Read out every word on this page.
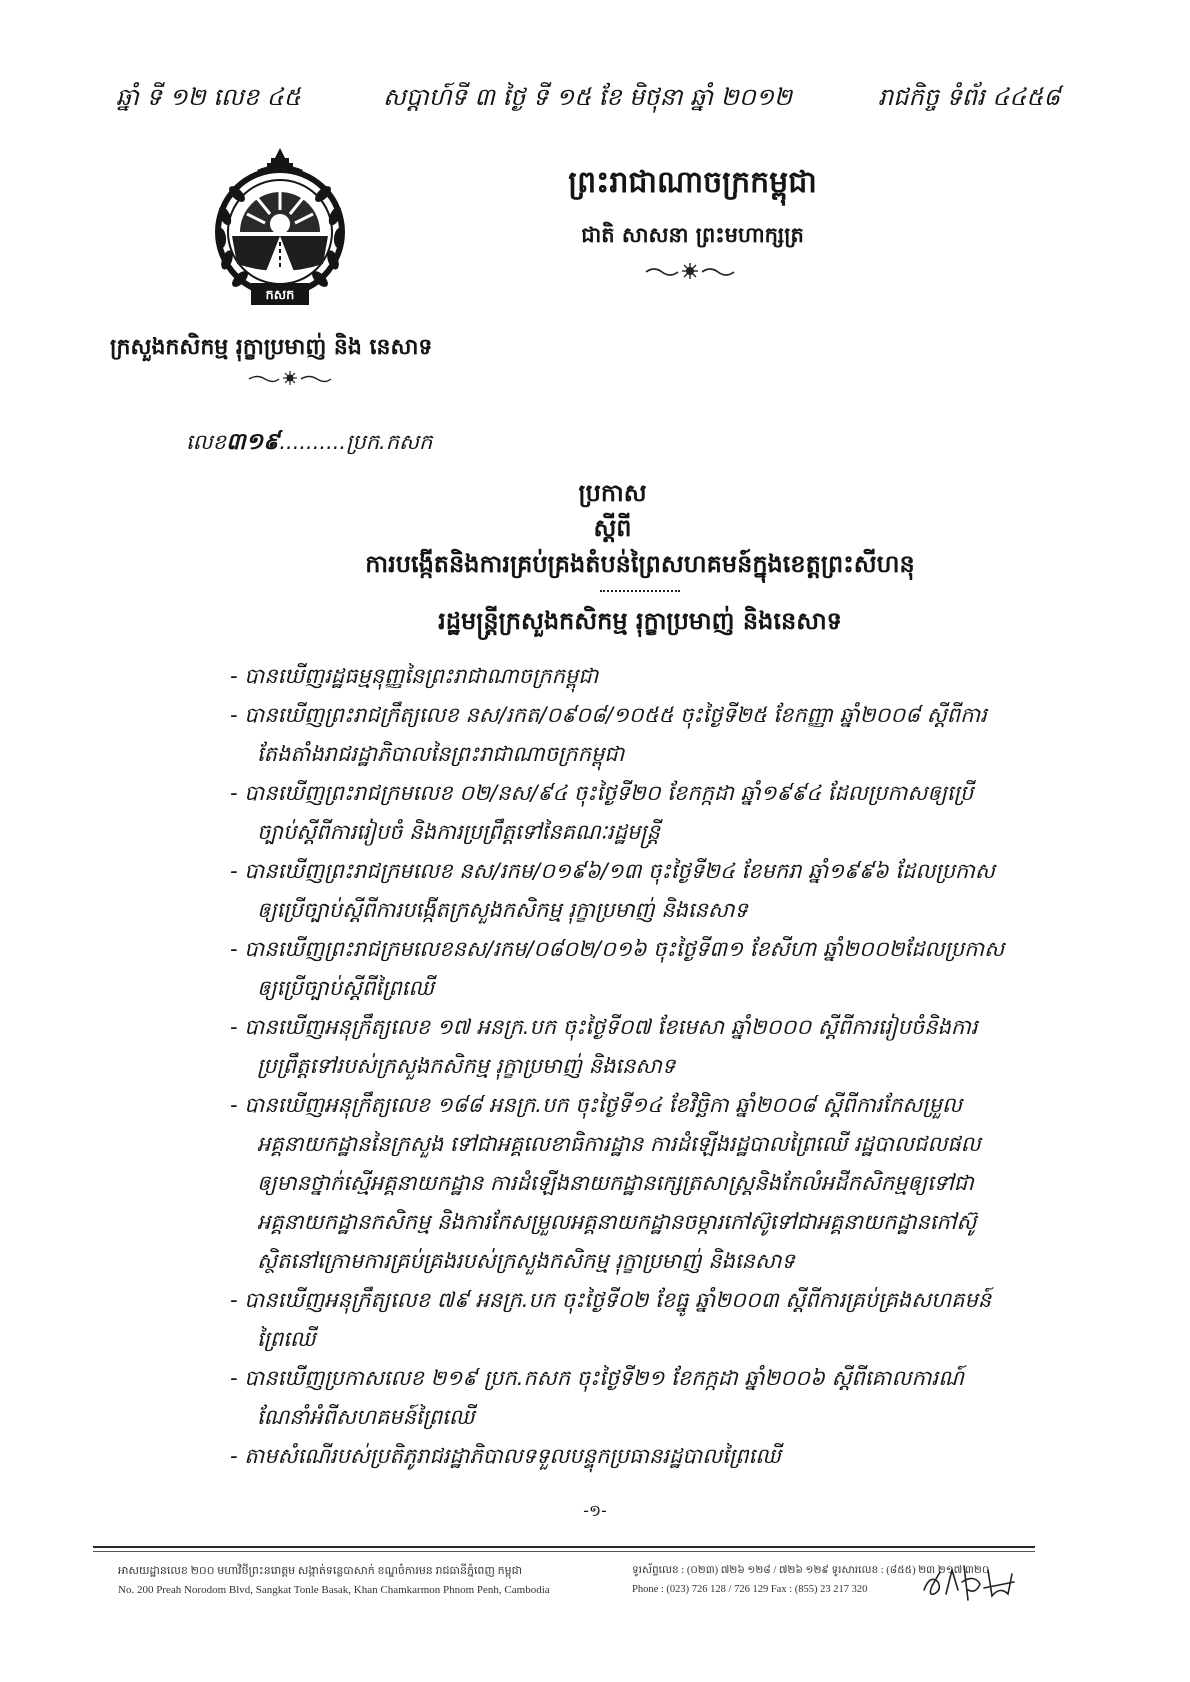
ឆ្នាំ ទី ១២ លេខ ៤៥	សប្តាហ៍ទី ៣ ថ្ងៃ ទី ១៥ ខែ មិថុនា ឆ្នាំ ២០១២	រាជកិច្ច ទំព័រ ៤៤៥៨
កសក
ព្រះរាជាណាចក្រកម្ពុជា
ជាតិ សាសនា ព្រះមហាក្សត្រ
ក្រសួងកសិកម្ម រុក្ខាប្រមាញ់ និង នេសាទ
លេខ៣១៩..........ប្រក.កសក
ប្រកាស
ស្តីពី
ការបង្កើតនិងការគ្រប់គ្រងតំបន់ព្រៃសហគមន៍ក្នុងខេត្តព្រះសីហនុ
រដ្ឋមន្ត្រីក្រសួងកសិកម្ម រុក្ខាប្រមាញ់ និងនេសាទ
- បានឃើញរដ្ឋធម្មនុញ្ញនៃព្រះរាជាណាចក្រកម្ពុជា
- បានឃើញព្រះរាជក្រឹត្យលេខ នស/រកត/០៩០៨/១០៥៥ ចុះថ្ងៃទី២៥ ខែកញ្ញា ឆ្នាំ២០០៨ ស្តីពីការ
តែងតាំងរាជរដ្ឋាភិបាលនៃព្រះរាជាណាចក្រកម្ពុជា
- បានឃើញព្រះរាជក្រមលេខ ០២/នស/៩៤ ចុះថ្ងៃទី២០ ខែកក្កដា ឆ្នាំ១៩៩៤ ដែលប្រកាសឲ្យប្រើ
ច្បាប់ស្តីពីការរៀបចំ និងការប្រព្រឹត្តទៅនៃគណៈរដ្ឋមន្ត្រី
- បានឃើញព្រះរាជក្រមលេខ នស/រកម/០១៩៦/១៣ ចុះថ្ងៃទី២៤ ខែមករា ឆ្នាំ១៩៩៦ ដែលប្រកាស
ឲ្យប្រើច្បាប់ស្តីពីការបង្កើតក្រសួងកសិកម្ម រុក្ខាប្រមាញ់ និងនេសាទ
- បានឃើញព្រះរាជក្រមលេខនស/រកម/០៨០២/០១៦ ចុះថ្ងៃទី៣១ ខែសីហា ឆ្នាំ២០០២ដែលប្រកាស
ឲ្យប្រើច្បាប់ស្តីពីព្រៃឈើ
- បានឃើញអនុក្រឹត្យលេខ ១៧ អនក្រ.បក ចុះថ្ងៃទី០៧ ខែមេសា ឆ្នាំ២០០០ ស្តីពីការរៀបចំនិងការ
ប្រព្រឹត្តទៅរបស់ក្រសួងកសិកម្ម រុក្ខាប្រមាញ់ និងនេសាទ
- បានឃើញអនុក្រឹត្យលេខ ១៨៨ អនក្រ.បក ចុះថ្ងៃទី១៤ ខែវិច្ឆិកា ឆ្នាំ២០០៨ ស្តីពីការកែសម្រួល
អគ្គនាយកដ្ឋាននៃក្រសួង ទៅជាអគ្គលេខាធិការដ្ឋាន ការដំឡើងរដ្ឋបាលព្រៃឈើ រដ្ឋបាលជលផល
ឲ្យមានថ្នាក់ស្មើអគ្គនាយកដ្ឋាន ការដំឡើងនាយកដ្ឋានក្សេត្រសាស្ត្រនិងកែលំអដីកសិកម្មឲ្យទៅជា
អគ្គនាយកដ្ឋានកសិកម្ម និងការកែសម្រួលអគ្គនាយកដ្ឋានចម្ការកៅស៊ូទៅជាអគ្គនាយកដ្ឋានកៅស៊ូ
ស្ថិតនៅក្រោមការគ្រប់គ្រងរបស់ក្រសួងកសិកម្ម រុក្ខាប្រមាញ់ និងនេសាទ
- បានឃើញអនុក្រឹត្យលេខ ៧៩ អនក្រ.បក ចុះថ្ងៃទី០២ ខែធ្នូ ឆ្នាំ២០០៣ ស្តីពីការគ្រប់គ្រងសហគមន៍
ព្រៃឈើ
- បានឃើញប្រកាសលេខ ២១៩ ប្រក.កសក ចុះថ្ងៃទី២១ ខែកក្កដា ឆ្នាំ២០០៦ ស្តីពីគោលការណ៍
ណែនាំអំពីសហគមន៍ព្រៃឈើ
- តាមសំណើរបស់ប្រតិភូរាជរដ្ឋាភិបាលទទួលបន្ទុកប្រធានរដ្ឋបាលព្រៃឈើ
-១-
អាសយដ្ឋានលេខ ២០០ មហាវិថីព្រះនរោត្តម សង្កាត់ទន្លេបាសាក់ ខណ្ឌចំការមន រាជធានីភ្នំពេញ កម្ពុជា
No. 200 Preah Norodom Blvd, Sangkat Tonle Basak, Khan Chamkarmon Phnom Penh, Cambodia
ទូរស័ព្ទលេខ : (០២៣) ៧២៦ ១២៨ / ៧២៦ ១២៩ ទូរសារលេខ : (៨៥៥) ២៣ ២១៧ ៣២០
Phone : (023) 726 128 / 726 129 Fax : (855) 23 217 320
